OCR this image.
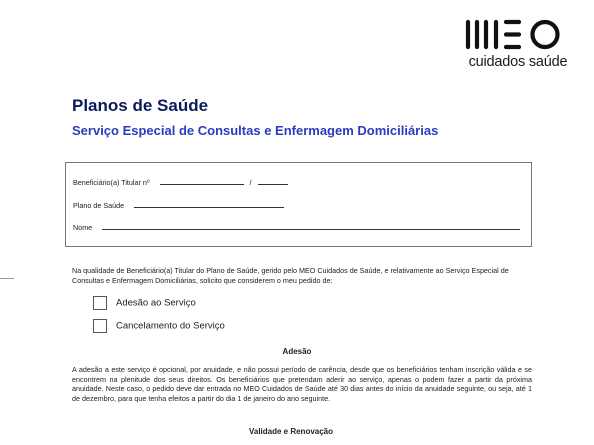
cuidados saúde
Planos de Saúde
Serviço Especial de Consultas e Enfermagem Domiciliárias
Beneficiário(a) Titular nº	/
Plano de Saúde
Nome
Na qualidade de Beneficiário(a) Titular do Plano de Saúde, gerido pelo MEO Cuidados de Saúde, e relativamente ao Serviço Especial de Consultas e Enfermagem Domiciliárias, solicito que considerem o meu pedido de:
Adesão ao Serviço
Cancelamento do Serviço
Adesão
A adesão a este serviço é opcional, por anuidade, e não possui período de carência, desde que os beneficiários tenham inscrição válida e se encontrem na plenitude dos seus direitos. Os beneficiários que pretendam aderir ao serviço, apenas o podem fazer a partir da próxima anuidade. Neste caso, o pedido deve dar entrada no MEO Cuidados de Saúde até 30 dias antes do início da anuidade seguinte, ou seja, até 1 de dezembro, para que tenha efeitos a partir do dia 1 de janeiro do ano seguinte.
Validade e Renovação
